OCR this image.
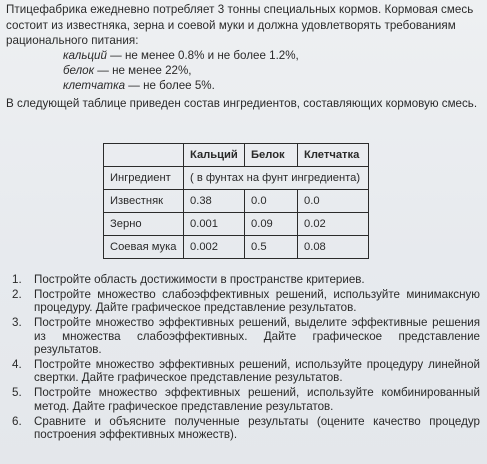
Птицефабрика ежедневно потребляет 3 тонны специальных кормов. Кормовая смесь состоит из известняка, зерна и соевой муки и должна удовлетворять требованиям рационального питания:

кальций — не менее 0.8% и не более 1.2%,
белок — не менее 22%,
клетчатка — не более 5%.
В следующей таблице приведен состав ингредиентов, составляющих кормовую смесь.
	Кальций	Белок	Клетчатка
Ингредиент	( в фунтах на фунт ингредиента)		
Известняк	0.38	0.0	0.0
Зерно	0.001	0.09	0.02
Соевая мука	0.002	0.5	0.08
1. Постройте область достижимости в пространстве критериев.
2. Постройте множество слабоэффективных решений, используйте минимаксную процедуру. Дайте графическое представление результатов.
3. Постройте множество эффективных решений, выделите эффективные решения из множества слабоэффективных. Дайте графическое представление результатов.
4. Постройте множество эффективных решений, используйте процедуру линейной свертки. Дайте графическое представление результатов.
5. Постройте множество эффективных решений, используйте комбинированный метод. Дайте графическое представление результатов.
6. Сравните и объясните полученные результаты (оцените качество процедур построения эффективных множеств).
